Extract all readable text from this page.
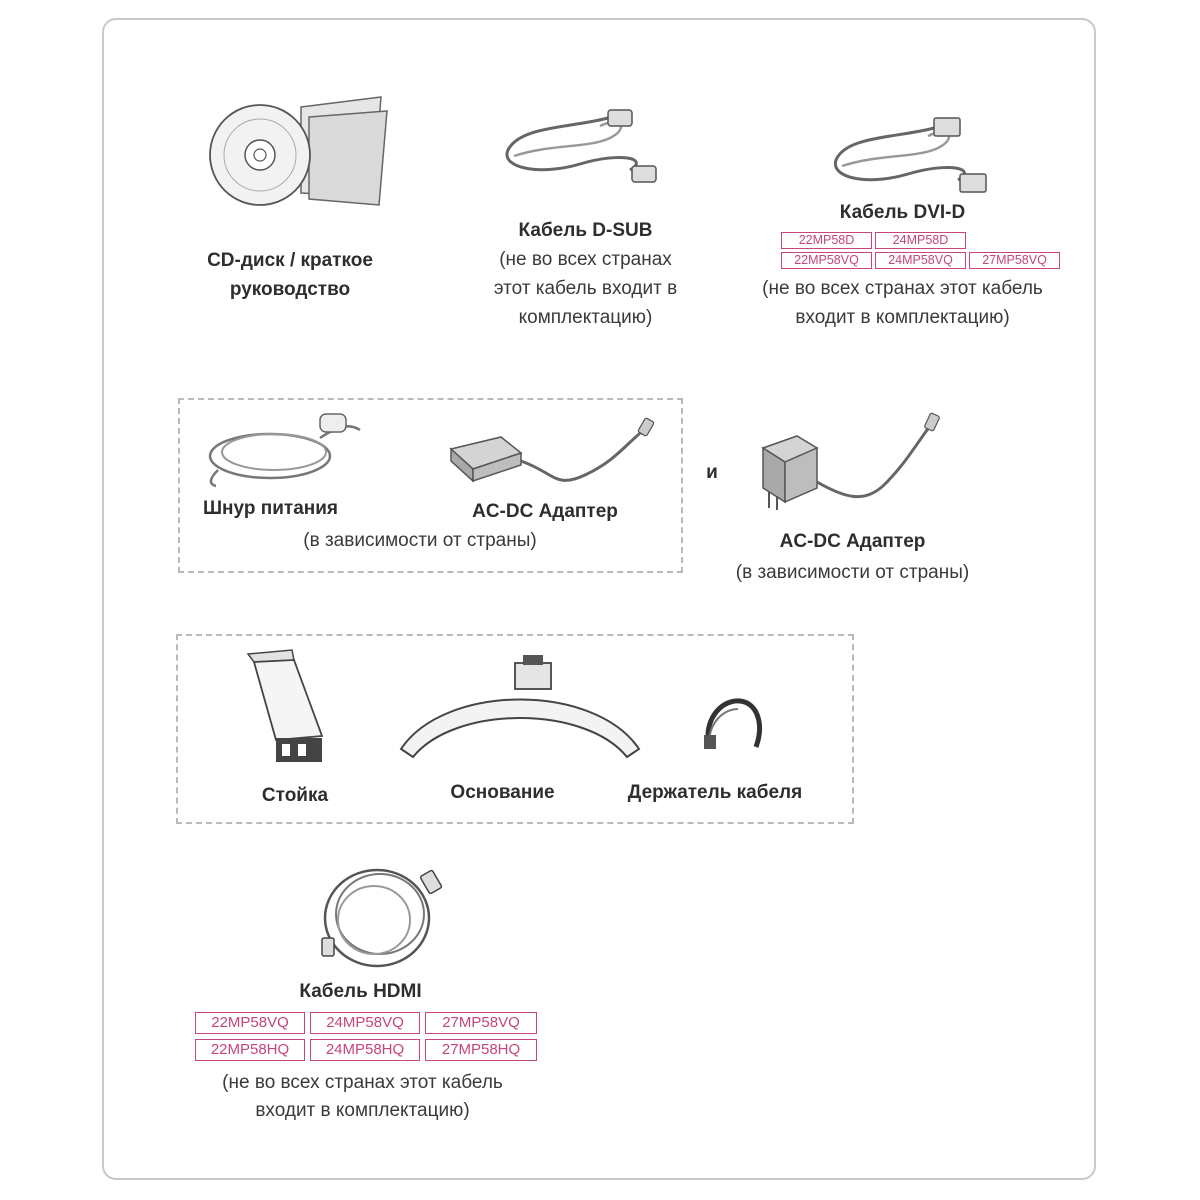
CD-диск / краткое
руководство
Кабель D-SUB
(не во всех странах
этот кабель входит в
комплектацию)
Кабель DVI-D
22MP58D	24MP58D
22MP58VQ	24MP58VQ	27MP58VQ
(не во всех странах этот кабель
входит в комплектацию)
Шнур питания	AC-DC Адаптер
(в зависимости от страны)
и
AC-DC Адаптер
(в зависимости от страны)
Стойка	Основание	Держатель кабеля
Кабель HDMI
22MP58VQ	24MP58VQ	27MP58VQ
22MP58HQ	24MP58HQ	27MP58HQ
(не во всех странах этот кабель
входит в комплектацию)
